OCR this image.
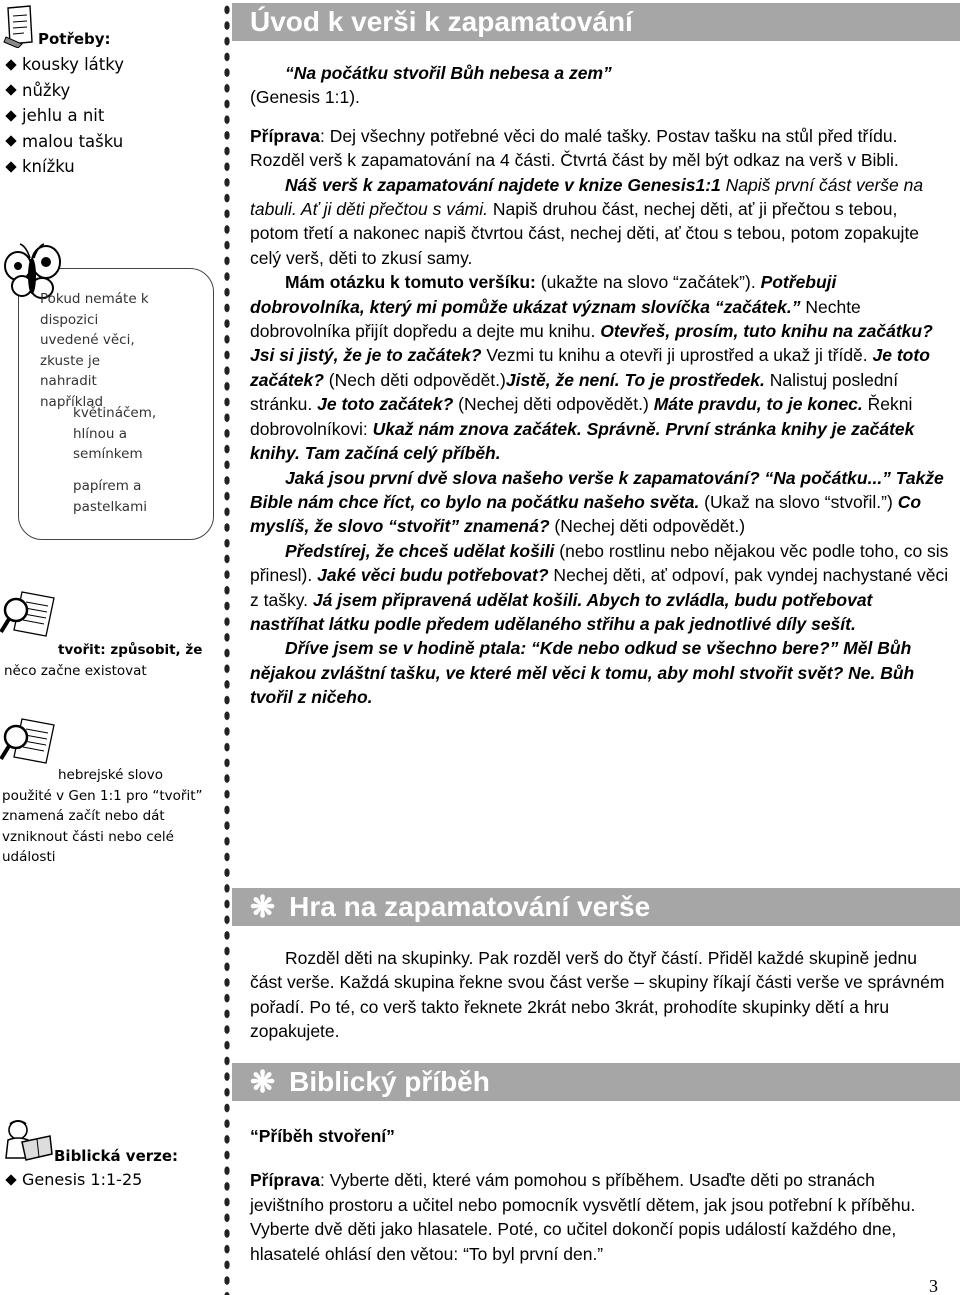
Potřeby:
kousky látky
nůžky
jehlu a nit
malou tašku
knížku
Pokud nemáte k dispozici uvedené věci, zkuste je nahradit například
květináčem, hlínou a semínkem
papírem a pastelkami
tvořit: způsobit, že
něco začne existovat
hebrejské slovo
použité v Gen 1:1 pro “tvořit”
znamená začít nebo dát
vzniknout části nebo celé
události
Biblická verze:
Genesis 1:1-25
Úvod k verši k zapamatování

“Na počátku stvořil Bůh nebesa a zem”

(Genesis 1:1).

Příprava: Dej všechny potřebné věci do malé tašky. Postav tašku na stůl před třídu. Rozděl verš k zapamatování na 4 části. Čtvrtá část by měl být odkaz na verš v Bibli.

Náš verš k zapamatování najdete v knize Genesis1:1 Napiš první část verše na tabuli. Ať ji děti přečtou s vámi. Napiš druhou část, nechej děti, ať ji přečtou s tebou, potom třetí a nakonec napiš čtvrtou část, nechej děti, ať čtou s tebou, potom zopakujte celý verš, děti to zkusí samy.

Mám otázku k tomuto veršíku: (ukažte na slovo “začátek”). Potřebuji dobrovolníka, který mi pomůže ukázat význam slovíčka “začátek.” Nechte dobrovolníka přijít dopředu a dejte mu knihu. Otevřeš, prosím, tuto knihu na začátku? Jsi si jistý, že je to začátek? Vezmi tu knihu a otevři ji uprostřed a ukaž ji třídě. Je toto začátek? (Nech děti odpovědět.)Jistě, že není. To je prostředek. Nalistuj poslední stránku. Je toto začátek? (Nechej děti odpovědět.) Máte pravdu, to je konec. Řekni dobrovolníkovi: Ukaž nám znova začátek. Správně. První stránka knihy je začátek knihy. Tam začíná celý příběh.

Jaká jsou první dvě slova našeho verše k zapamatování? “Na počátku...” Takže Bible nám chce říct, co bylo na počátku našeho světa. (Ukaž na slovo “stvořil.”) Co myslíš, že slovo “stvořit” znamená? (Nechej děti odpovědět.)

Předstírej, že chceš udělat košili (nebo rostlinu nebo nějakou věc podle toho, co sis přinesl). Jaké věci budu potřebovat? Nechej děti, ať odpoví, pak vyndej nachystané věci z tašky. Já jsem připravená udělat košili. Abych to zvládla, budu potřebovat nastříhat látku podle předem udělaného střihu a pak jednotlivé díly sešít.

Dříve jsem se v hodině ptala: “Kde nebo odkud se všechno bere?” Měl Bůh nějakou zvláštní tašku, ve které měl věci k tomu, aby mohl stvořit svět? Ne. Bůh tvořil z ničeho.

❋ Hra na zapamatování verše

Rozděl děti na skupinky. Pak rozděl verš do čtyř částí. Přiděl každé skupině jednu část verše. Každá skupina řekne svou část verše – skupiny říkají části verše ve správném pořadí. Po té, co verš takto řeknete 2krát nebo 3krát, prohodíte skupinky dětí a hru zopakujete.

❋ Biblický příběh

“Příběh stvoření”

Příprava: Vyberte děti, které vám pomohou s příběhem. Usaďte děti po stranách jevištního prostoru a učitel nebo pomocník vysvětlí dětem, jak jsou potřební k příběhu. Vyberte dvě děti jako hlasatele. Poté, co učitel dokončí popis událostí každého dne, hlasatelé ohlásí den větou: “To byl první den.”

3
